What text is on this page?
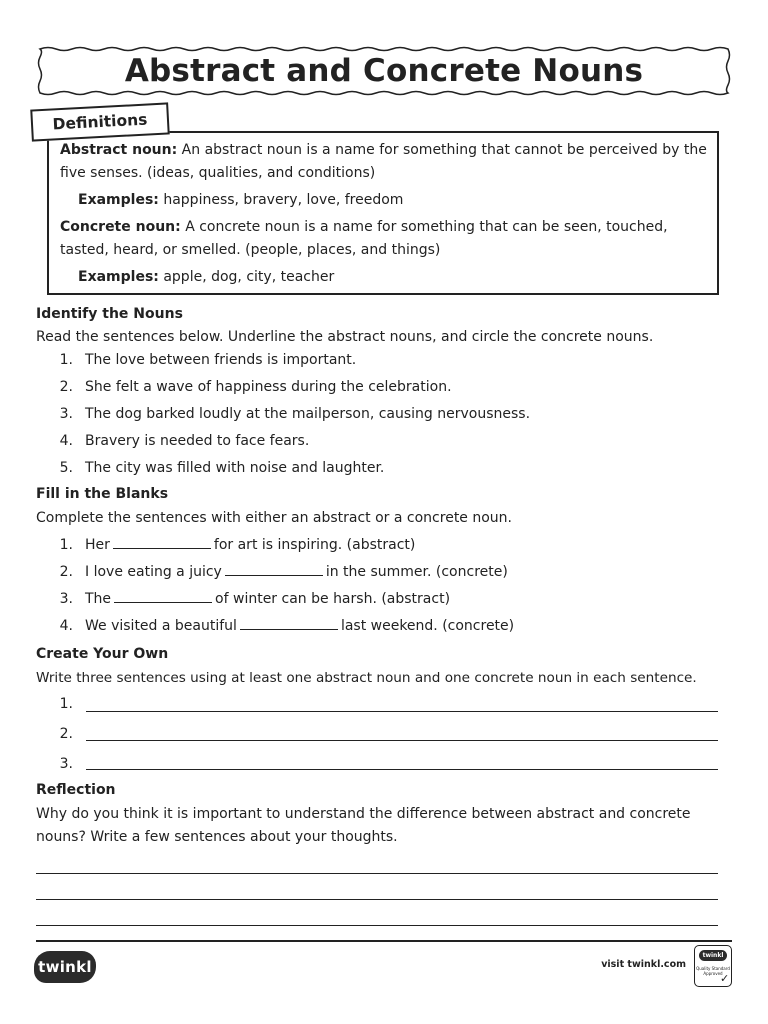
Abstract and Concrete Nouns
Definitions
Abstract noun: An abstract noun is a name for something that cannot be perceived by the
five senses. (ideas, qualities, and conditions)
Examples: happiness, bravery, love, freedom
Concrete noun: A concrete noun is a name for something that can be seen, touched,
tasted, heard, or smelled. (people, places, and things)
Examples: apple, dog, city, teacher
Identify the Nouns
Read the sentences below. Underline the abstract nouns, and circle the concrete nouns.
1. The love between friends is important.
2. She felt a wave of happiness during the celebration.
3. The dog barked loudly at the mailperson, causing nervousness.
4. Bravery is needed to face fears.
5. The city was filled with noise and laughter.
Fill in the Blanks
Complete the sentences with either an abstract or a concrete noun.
1. Her	for art is inspiring. (abstract)
2. I love eating a juicy	in the summer. (concrete)
3. The	of winter can be harsh. (abstract)
4. We visited a beautiful	last weekend. (concrete)
Create Your Own
Write three sentences using at least one abstract noun and one concrete noun in each sentence.
1.
2.
3.
Reflection
Why do you think it is important to understand the difference between abstract and concrete
nouns? Write a few sentences about your thoughts.
twinkl	visit twinkl.com
twinkl
Quality Standard Approved
✓
